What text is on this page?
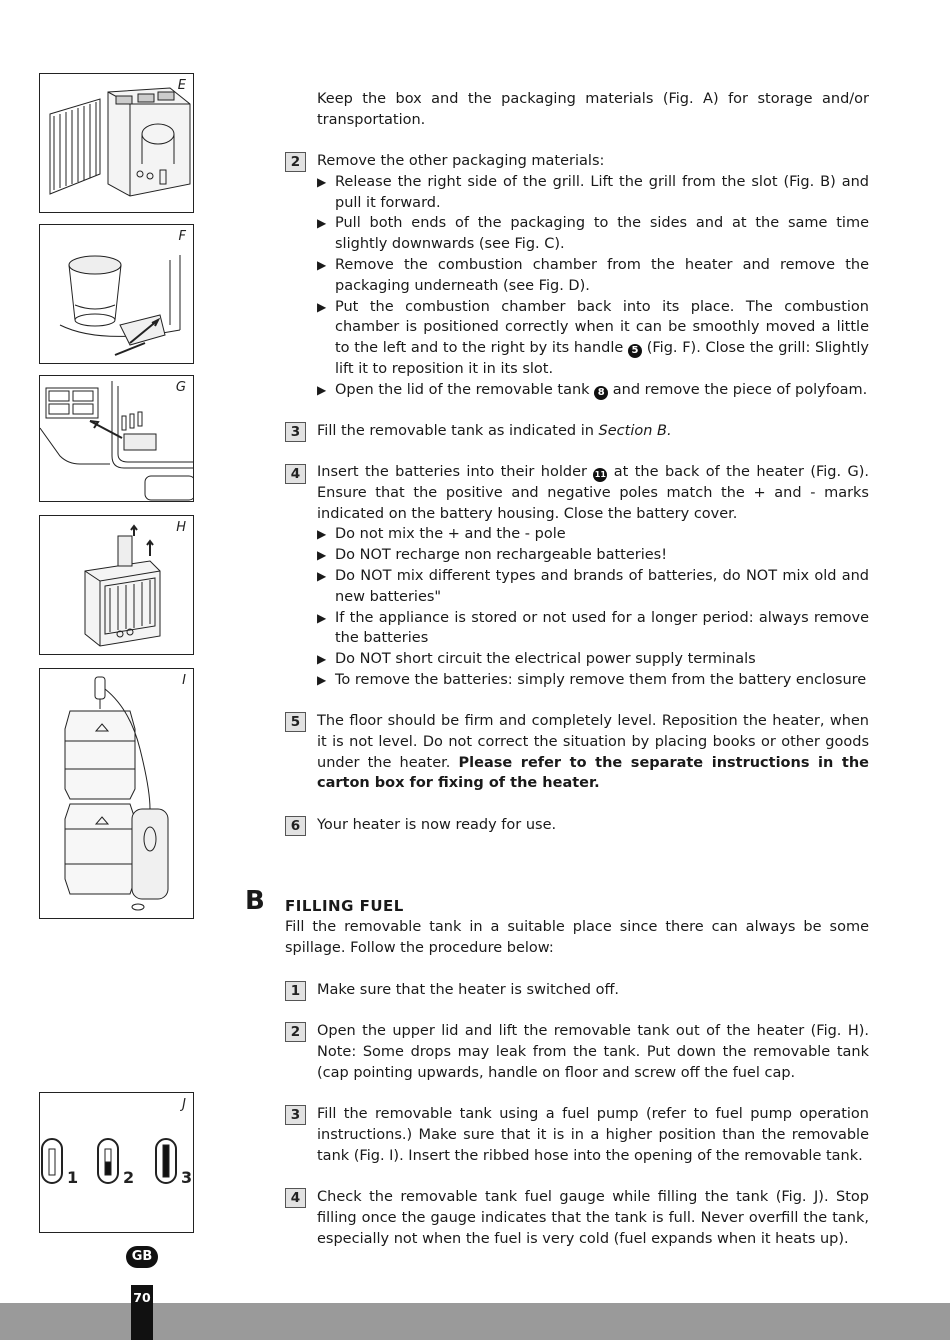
E
F
G
H
I
J
1	2	3
Keep the box and the packaging materials (Fig. A) for storage and/or transportation.
2	Remove the other packaging materials:

▶ Release the right side of the grill. Lift the grill from the slot (Fig. B) and pull it forward.
▶ Pull both ends of the packaging to the sides and at the same time slightly downwards (see Fig. C).
▶ Remove the combustion chamber from the heater and remove the packaging underneath (see Fig. D).
▶ Put the combustion chamber back into its place. The combustion chamber is positioned correctly when it can be smoothly moved a little to the left and to the right by its handle 5 (Fig. F). Close the grill: Slightly lift it to reposition it in its slot.
▶ Open the lid of the removable tank 8 and remove the piece of polyfoam.
3	Fill the removable tank as indicated in Section B.

4	Insert the batteries into their holder 11 at the back of the heater (Fig. G). Ensure that the positive and negative poles match the + and - marks indicated on the battery housing. Close the battery cover.

▶ Do not mix the + and the - pole
▶ Do NOT recharge non rechargeable batteries!
▶ Do NOT mix different types and brands of batteries, do NOT mix old and new batteries"
▶ If the appliance is stored or not used for a longer period: always remove the batteries
▶ Do NOT short circuit the electrical power supply terminals
▶ To remove the batteries: simply remove them from the battery enclosure
5	The floor should be firm and completely level. Reposition the heater, when it is not level. Do not correct the situation by placing books or other goods under the heater. Please refer to the separate instructions in the carton box for fixing of the heater.

6	Your heater is now ready for use.

B FILLING FUEL
Fill the removable tank in a suitable place since there can always be some spillage. Follow the procedure below:
1	Make sure that the heater is switched off.
2	Open the upper lid and lift the removable tank out of the heater (Fig. H). Note: Some drops may leak from the tank. Put down the removable tank (cap pointing upwards, handle on floor and screw off the fuel cap.
3	Fill the removable tank using a fuel pump (refer to fuel pump operation instructions.) Make sure that it is in a higher position than the removable tank (Fig. I). Insert the ribbed hose into the opening of the removable tank.
4	Check the removable tank fuel gauge while filling the tank (Fig. J). Stop filling once the gauge indicates that the tank is full. Never overfill the tank, especially not when the fuel is very cold (fuel expands when it heats up).
GB
70
